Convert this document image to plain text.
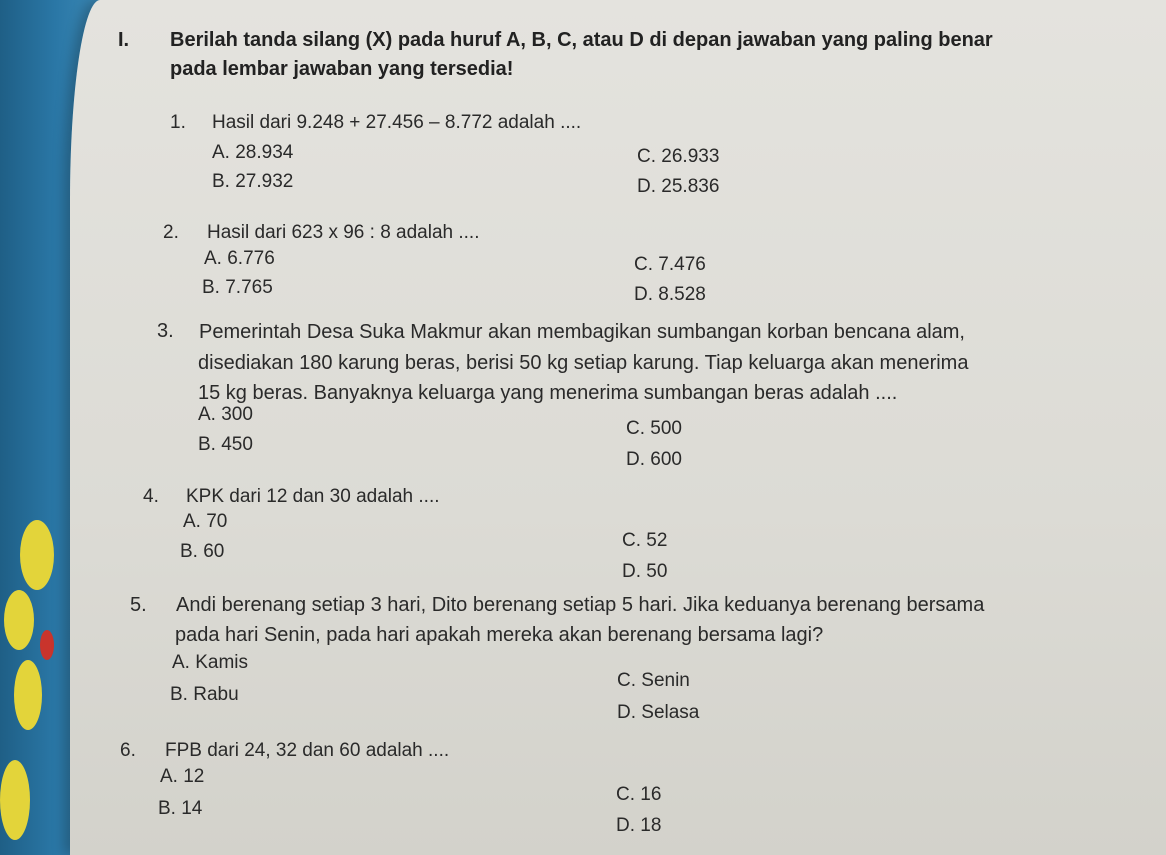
I. Berilah tanda silang (X) pada huruf A, B, C, atau D di depan jawaban yang paling benar
pada lembar jawaban yang tersedia!
1. Hasil dari 9.248 + 27.456 – 8.772 adalah ....
A. 28.934
B. 27.932
C. 26.933
D. 25.836
2. Hasil dari 623 x 96 : 8 adalah ....
A. 6.776
B. 7.765
C. 7.476
D. 8.528
3. Pemerintah Desa Suka Makmur akan membagikan sumbangan korban bencana alam,
disediakan 180 karung beras, berisi 50 kg setiap karung. Tiap keluarga akan menerima
15 kg beras. Banyaknya keluarga yang menerima sumbangan beras adalah ....
A. 300
B. 450
C. 500
D. 600
4. KPK dari 12 dan 30 adalah ....
A. 70
B. 60
C. 52
D. 50
5. Andi berenang setiap 3 hari, Dito berenang setiap 5 hari. Jika keduanya berenang bersama
pada hari Senin, pada hari apakah mereka akan berenang bersama lagi?
A. Kamis
B. Rabu
C. Senin
D. Selasa
6. FPB dari 24, 32 dan 60 adalah ....
A. 12
B. 14
C. 16
D. 18
